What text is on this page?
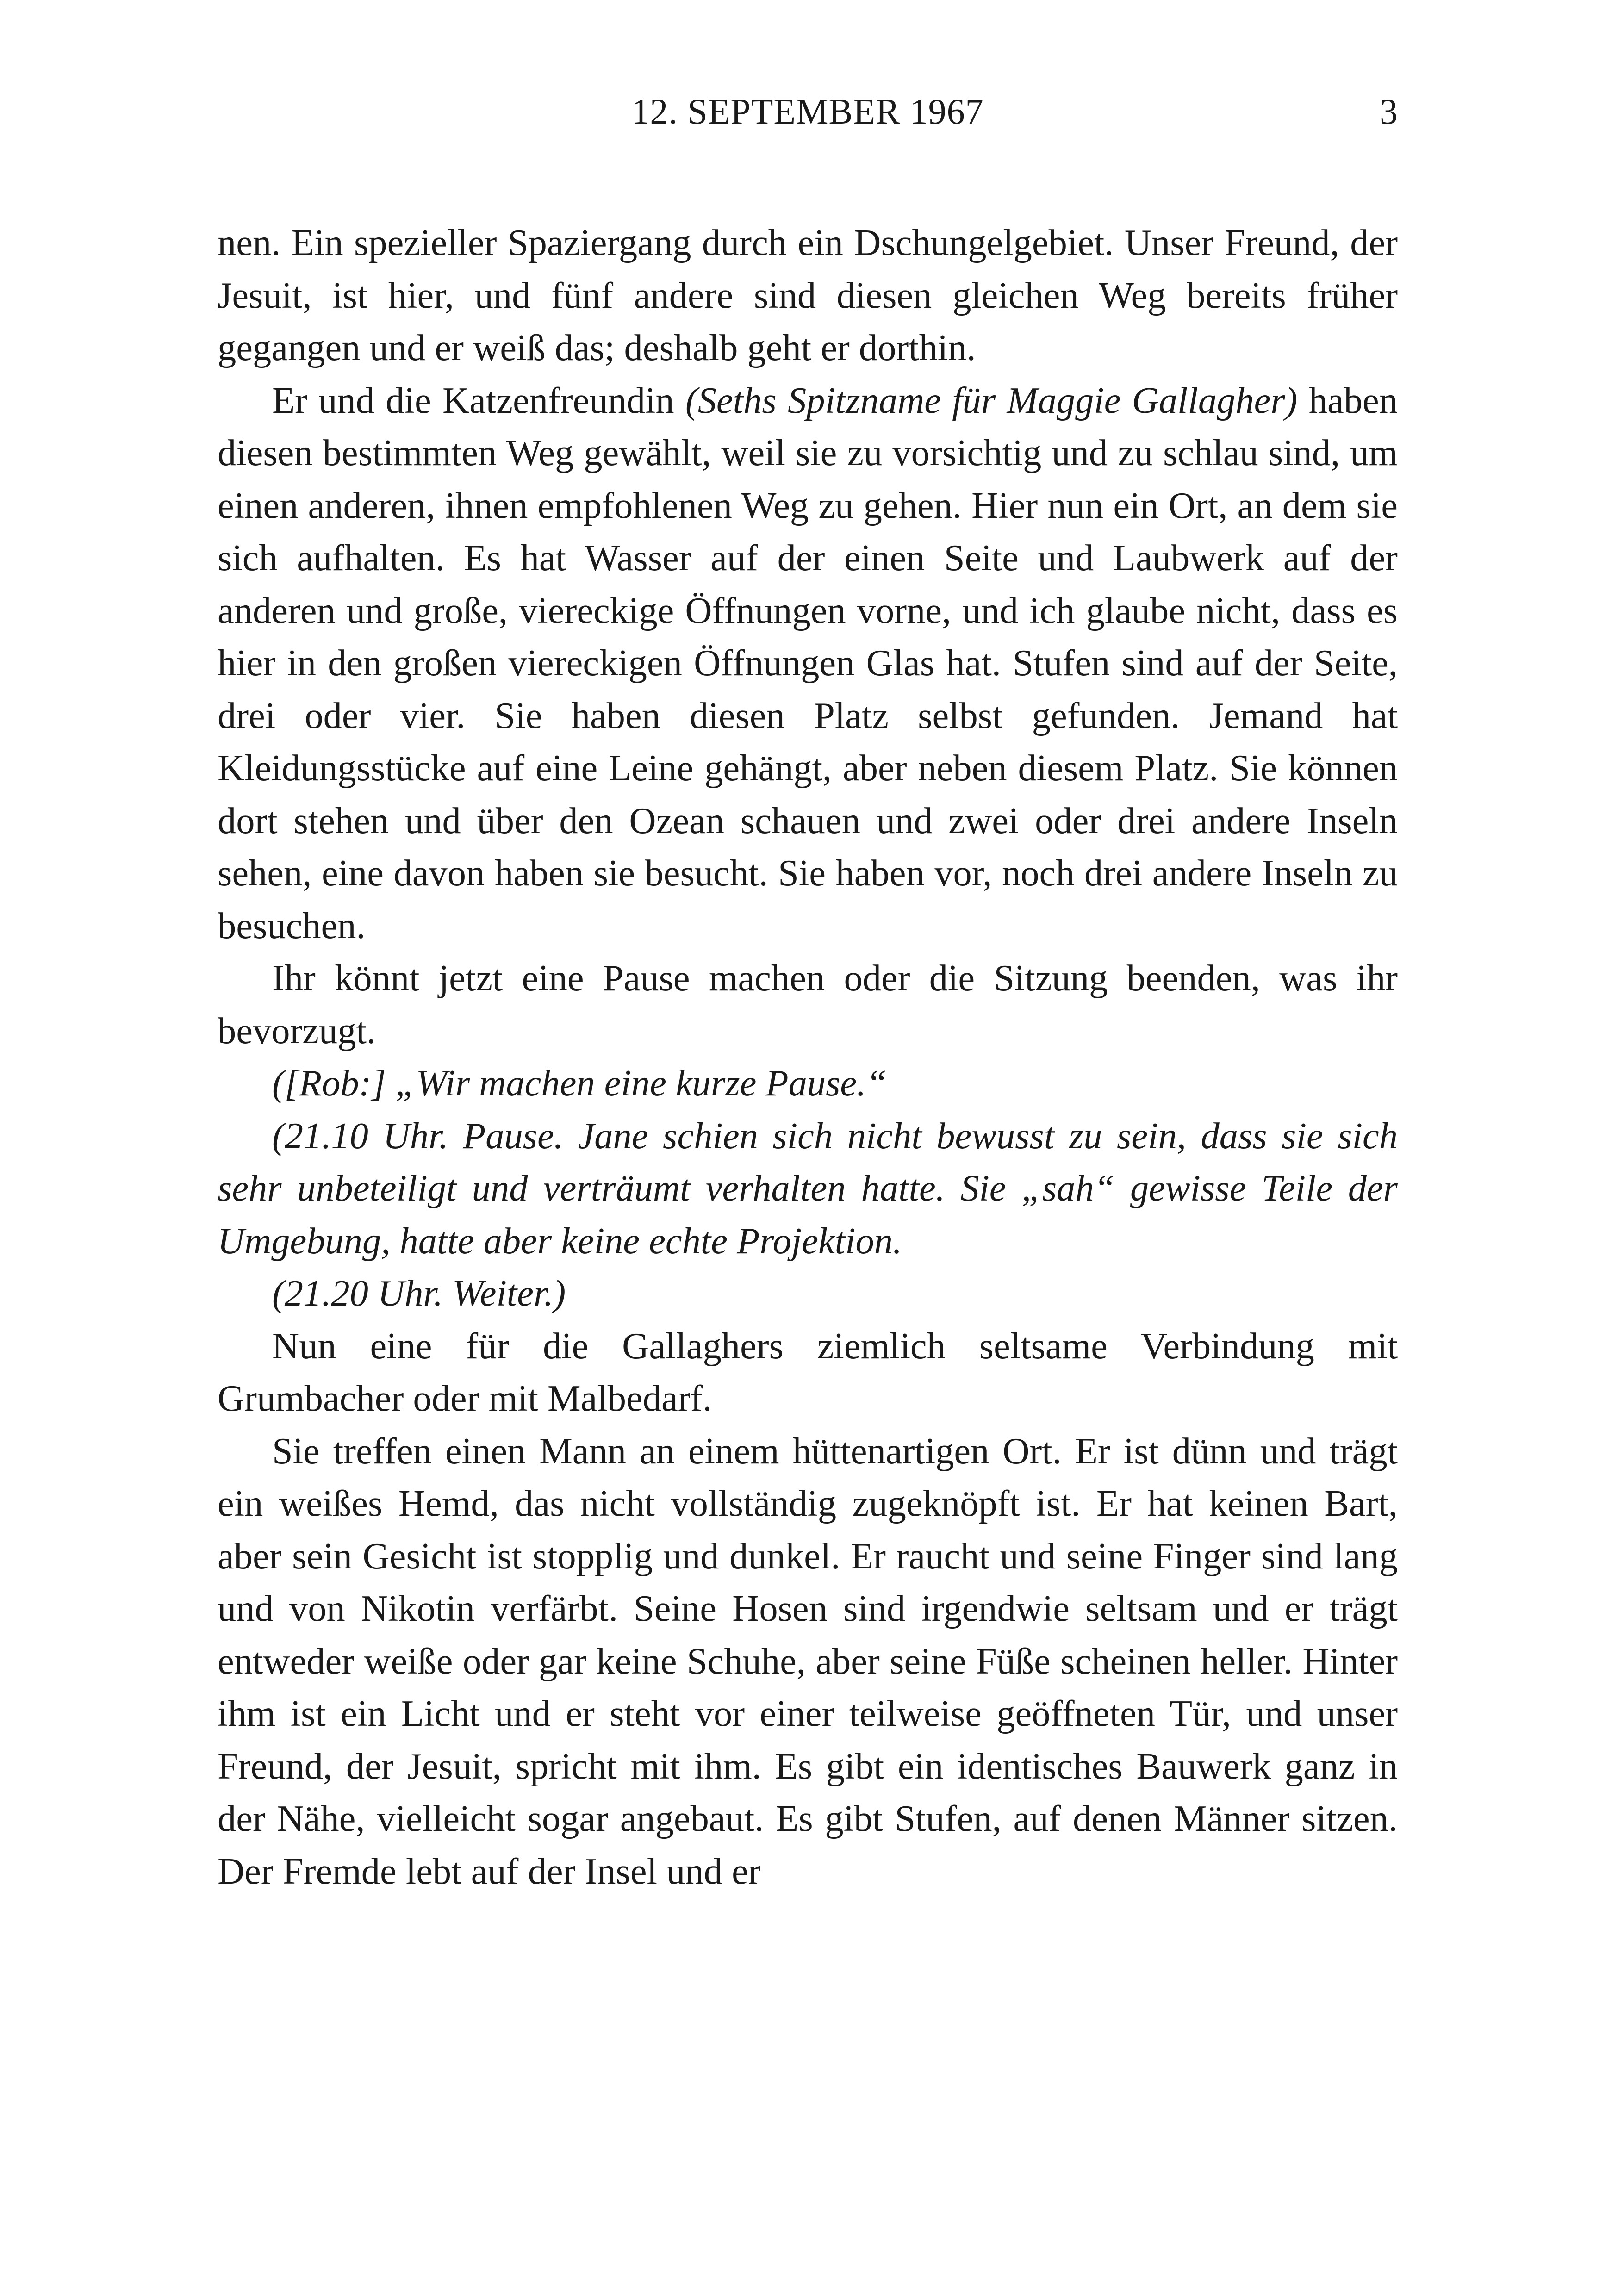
12. SEPTEMBER 1967	3

nen. Ein spezieller Spaziergang durch ein Dschungelgebiet. Unser Freund, der Jesuit, ist hier, und fünf andere sind diesen gleichen Weg bereits früher gegangen und er weiß das; deshalb geht er dorthin.

Er und die Katzenfreundin (Seths Spitzname für Maggie Gallagher) haben diesen bestimmten Weg gewählt, weil sie zu vorsichtig und zu schlau sind, um einen anderen, ihnen empfohlenen Weg zu gehen. Hier nun ein Ort, an dem sie sich aufhalten. Es hat Wasser auf der einen Seite und Laubwerk auf der anderen und große, viereckige Öffnungen vorne, und ich glaube nicht, dass es hier in den großen viereckigen Öffnungen Glas hat. Stufen sind auf der Seite, drei oder vier. Sie haben diesen Platz selbst gefunden. Jemand hat Kleidungsstücke auf eine Leine gehängt, aber neben diesem Platz. Sie können dort stehen und über den Ozean schauen und zwei oder drei andere Inseln sehen, eine davon haben sie besucht. Sie haben vor, noch drei andere Inseln zu besuchen.

Ihr könnt jetzt eine Pause machen oder die Sitzung beenden, was ihr bevorzugt.

([Rob:] „Wir machen eine kurze Pause.“

(21.10 Uhr. Pause. Jane schien sich nicht bewusst zu sein, dass sie sich sehr unbeteiligt und verträumt verhalten hatte. Sie „sah“ gewisse Teile der Umgebung, hatte aber keine echte Projektion.

(21.20 Uhr. Weiter.)

Nun eine für die Gallaghers ziemlich seltsame Verbindung mit Grumbacher oder mit Malbedarf.

Sie treffen einen Mann an einem hüttenartigen Ort. Er ist dünn und trägt ein weißes Hemd, das nicht vollständig zugeknöpft ist. Er hat keinen Bart, aber sein Gesicht ist stopplig und dunkel. Er raucht und seine Finger sind lang und von Nikotin verfärbt. Seine Hosen sind irgendwie seltsam und er trägt entweder weiße oder gar keine Schuhe, aber seine Füße scheinen heller. Hinter ihm ist ein Licht und er steht vor einer teilweise geöffneten Tür, und unser Freund, der Jesuit, spricht mit ihm. Es gibt ein identisches Bauwerk ganz in der Nähe, vielleicht sogar angebaut. Es gibt Stufen, auf denen Männer sitzen. Der Fremde lebt auf der Insel und er
